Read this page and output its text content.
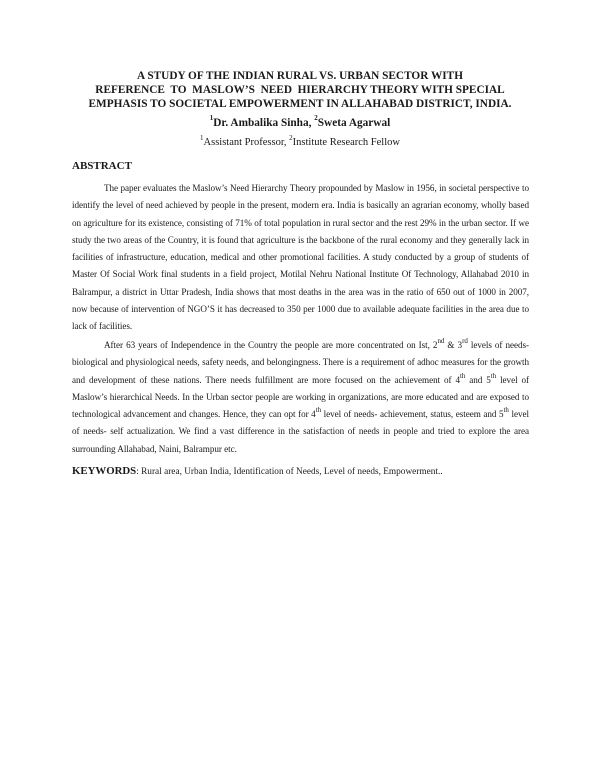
A STUDY OF THE INDIAN RURAL VS. URBAN SECTOR WITH
REFERENCE  TO  MASLOW’S  NEED  HIERARCHY THEORY WITH SPECIAL
EMPHASIS TO SOCIETAL EMPOWERMENT IN ALLAHABAD DISTRICT, INDIA.
$^1$Dr. Ambalika Sinha, $^2$Sweta Agarwal
$^1$Assistant Professor, $^2$Institute Research Fellow
ABSTRACT

The paper evaluates the Maslow’s Need Hierarchy Theory propounded by Maslow in 1956, in societal perspective to identify the level of need achieved by people in the present, modern era. India is basically an agrarian economy, wholly based on agriculture for its existence, consisting of 71% of total population in rural sector and the rest 29% in the urban sector. If we study the two areas of the Country, it is found that agriculture is the backbone of the rural economy and they generally lack in facilities of infrastructure, education, medical and other promotional facilities. A study conducted by a group of students of Master Of Social Work final students in a field project, Motilal Nehru National Institute Of Technology, Allahabad 2010 in Balrampur, a district in Uttar Pradesh, India shows that most deaths in the area was in the ratio of 650 out of 1000 in 2007, now because of intervention of NGO’S it has decreased to 350 per 1000 due to available adequate facilities in the area due to lack of facilities.

After 63 years of Independence in the Country the people are more concentrated on Ist, 2nd & 3rd levels of needs- biological and physiological needs, safety needs, and belongingness. There is a requirement of adhoc measures for the growth and development of these nations. There needs fulfillment are more focused on the achievement of 4th and 5th level of Maslow’s hierarchical Needs. In the Urban sector people are working in organizations, are more educated and are exposed to technological advancement and changes. Hence, they can opt for 4th level of needs- achievement, status, esteem and 5th level of needs- self actualization. We find a vast difference in the satisfaction of needs in people and tried to explore the area surrounding Allahabad, Naini, Balrampur etc.

KEYWORDS: Rural area, Urban India, Identification of Needs, Level of needs, Empowerment..
